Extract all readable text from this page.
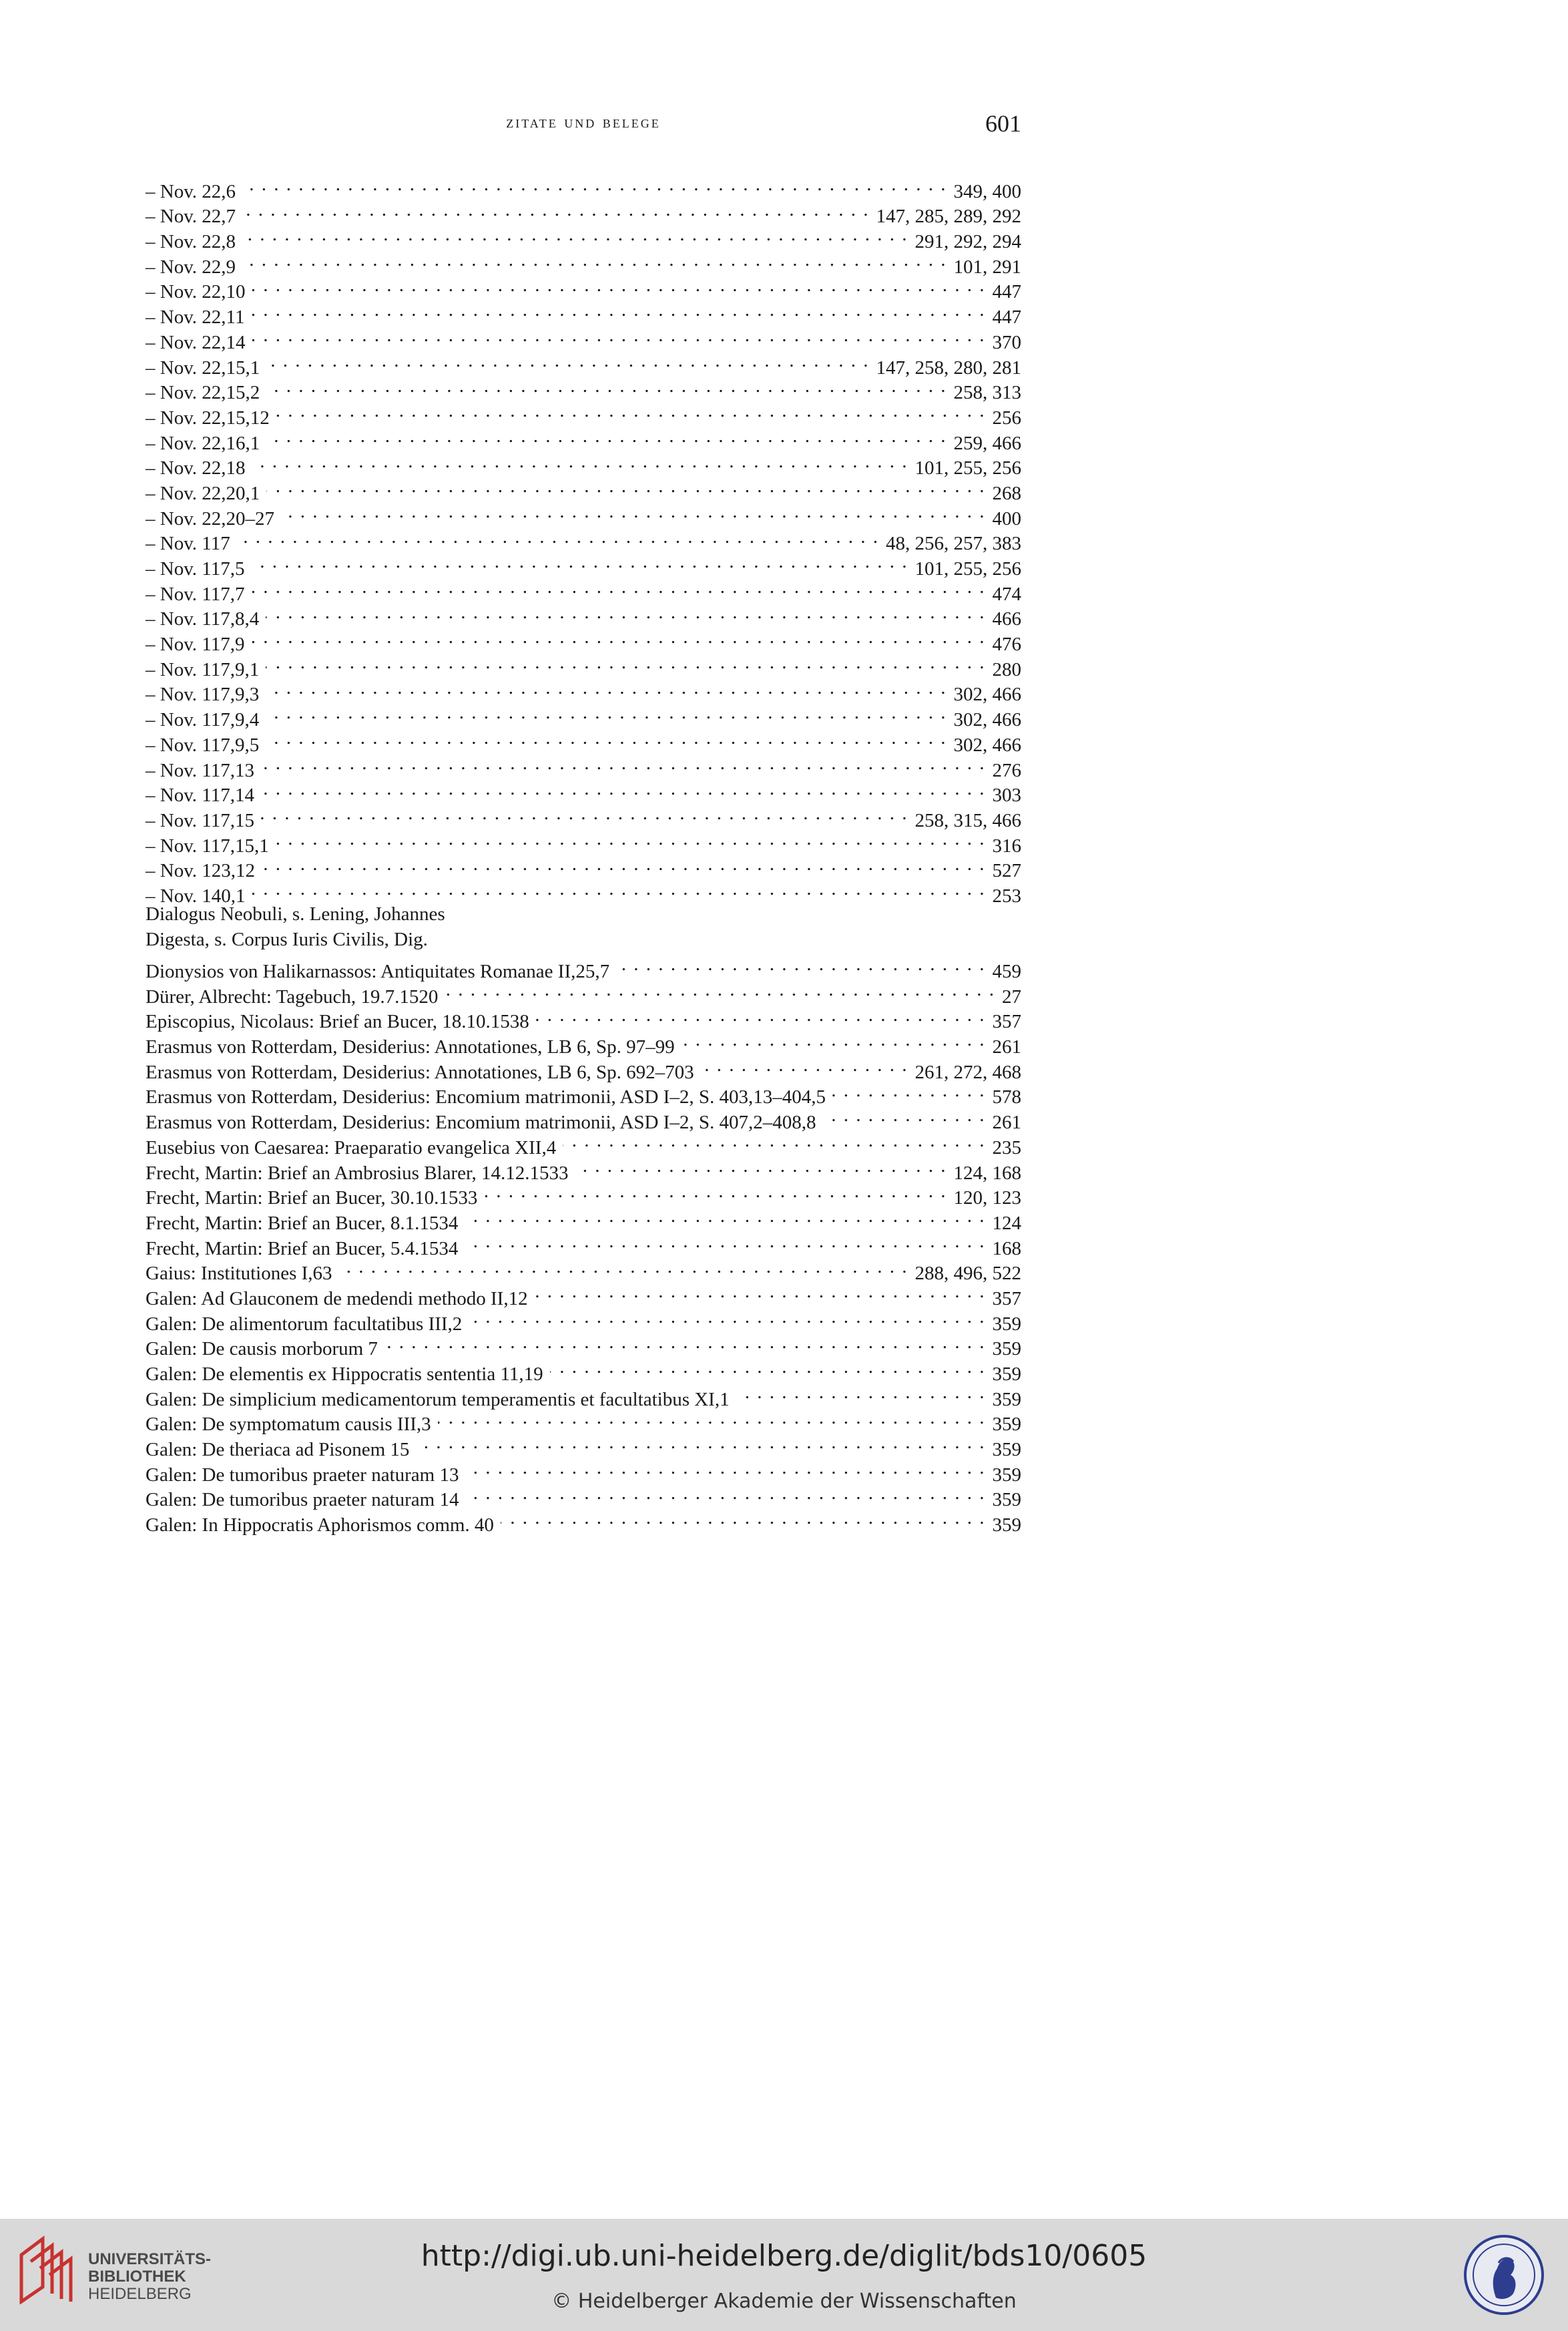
zitate und belege	601
– Nov. 22,6 . . .	349, 400
– Nov. 22,7 . . .	147, 285, 289, 292
– Nov. 22,8 . . .	291, 292, 294
– Nov. 22,9 . . .	101, 291
– Nov. 22,10 . . .	447
– Nov. 22,11 . . .	447
– Nov. 22,14 . . .	370
– Nov. 22,15,1 . . .	147, 258, 280, 281
– Nov. 22,15,2 . . .	258, 313
– Nov. 22,15,12 . . .	256
– Nov. 22,16,1 . . .	259, 466
– Nov. 22,18 . . .	101, 255, 256
– Nov. 22,20,1 . . .	268
– Nov. 22,20–27 . . .	400
– Nov. 117 . . .	48, 256, 257, 383
– Nov. 117,5 . . .	101, 255, 256
– Nov. 117,7 . . .	474
– Nov. 117,8,4 . . .	466
– Nov. 117,9 . . .	476
– Nov. 117,9,1 . . .	280
– Nov. 117,9,3 . . .	302, 466
– Nov. 117,9,4 . . .	302, 466
– Nov. 117,9,5 . . .	302, 466
– Nov. 117,13 . . .	276
– Nov. 117,14 . . .	303
– Nov. 117,15 . . .	258, 315, 466
– Nov. 117,15,1 . . .	316
– Nov. 123,12 . . .	527
– Nov. 140,1 . . .	253
Dialogus Neobuli, s. Lening, Johannes
Digesta, s. Corpus Iuris Civilis, Dig.
Dionysios von Halikarnassos: Antiquitates Romanae II,25,7 . . .	459
Dürer, Albrecht: Tagebuch, 19.7.1520 . . .	27
Episcopius, Nicolaus: Brief an Bucer, 18.10.1538 . . .	357
Erasmus von Rotterdam, Desiderius: Annotationes, LB 6, Sp. 97–99 . . .	261
Erasmus von Rotterdam, Desiderius: Annotationes, LB 6, Sp. 692–703 . . .	261, 272, 468
Erasmus von Rotterdam, Desiderius: Encomium matrimonii, ASD I–2, S. 403,13–404,5 . . .	578
Erasmus von Rotterdam, Desiderius: Encomium matrimonii, ASD I–2, S. 407,2–408,8 . . .	261
Eusebius von Caesarea: Praeparatio evangelica XII,4 . . .	235
Frecht, Martin: Brief an Ambrosius Blarer, 14.12.1533 . . .	124, 168
Frecht, Martin: Brief an Bucer, 30.10.1533 . . .	120, 123
Frecht, Martin: Brief an Bucer, 8.1.1534 . . .	124
Frecht, Martin: Brief an Bucer, 5.4.1534 . . .	168
Gaius: Institutiones I,63 . . .	288, 496, 522
Galen: Ad Glauconem de medendi methodo II,12 . . .	357
Galen: De alimentorum facultatibus III,2 . . .	359
Galen: De causis morborum 7 . . .	359
Galen: De elementis ex Hippocratis sententia 11,19 . . .	359
Galen: De simplicium medicamentorum temperamentis et facultatibus XI,1 . . .	359
Galen: De symptomatum causis III,3 . . .	359
Galen: De theriaca ad Pisonem 15 . . .	359
Galen: De tumoribus praeter naturam 13 . . .	359
Galen: De tumoribus praeter naturam 14 . . .	359
Galen: In Hippocratis Aphorismos comm. 40 . . .	359
UNIVERSITÄTS-
BIBLIOTHEK
HEIDELBERG
http://digi.ub.uni-heidelberg.de/diglit/bds10/0605
© Heidelberger Akademie der Wissenschaften
